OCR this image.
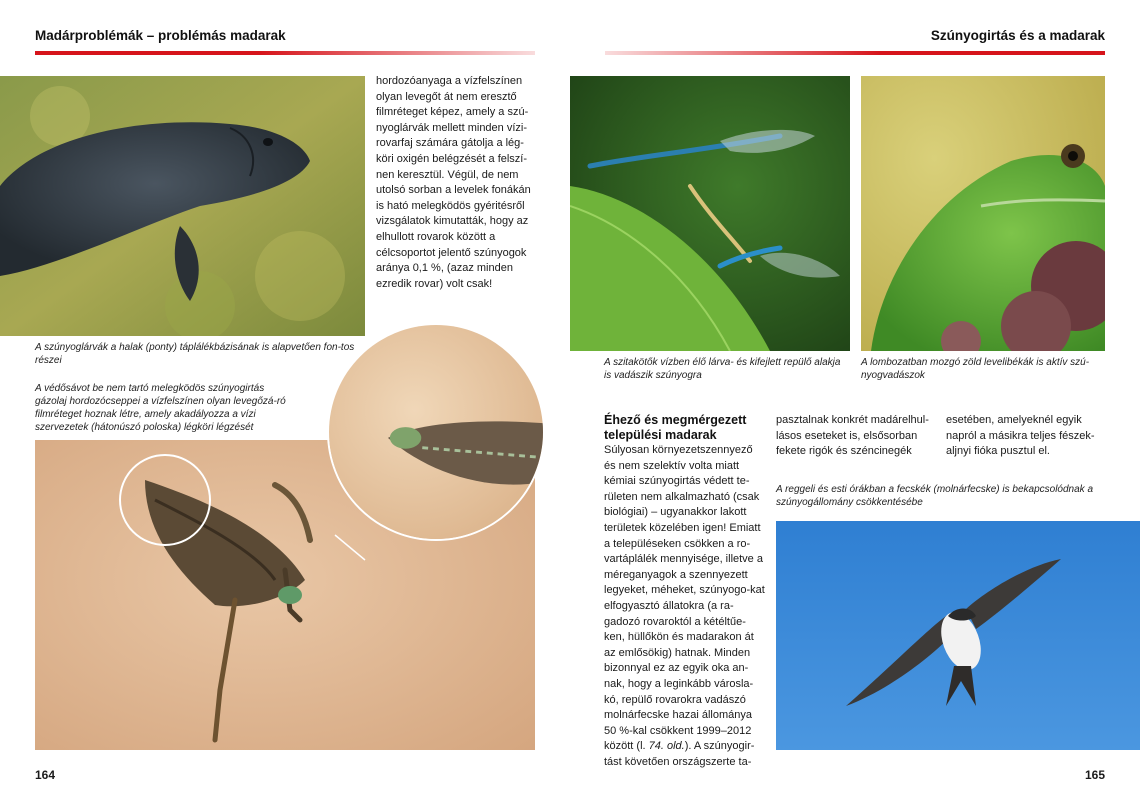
Madárproblémák – problémás madarak	Szúnyogirtás és a madarak
A szúnyoglárvák a halak (ponty) táplálékbázisának is alapvetően fon-tos részei
A védősávot be nem tartó melegködös szúnyogirtás gázolaj hordozócseppei a vízfelszínen olyan levegőzá-ró filmréteget hoznak létre, amely akadályozza a vízi szervezetek (hátonúszó poloska) légköri légzését
hordozóanyaga a vízfelszínen olyan levegőt át nem eresztő filmréteget képez, amely a szú-nyoglárvák mellett minden vízi-rovarfaj számára gátolja a lég-köri oxigén belégzését a felszí-nen keresztül. Végül, de nem utolsó sorban a levelek fonákán is ható melegködös gyéritésről vizsgálatok kimutatták, hogy az elhullott rovarok között a célcsoportot jelentő szúnyogok aránya 0,1 %, (azaz minden ezredik rovar) volt csak!
164
A szitakötők vízben élő lárva- és kifejlett repülő alakja is vadászik szúnyogra
A lombozatban mozgó zöld levelibékák is aktív szú-nyogvadászok
Éhező és megmérgezett települési madarak
Súlyosan környezetszennyező és nem szelektív volta miatt kémiai szúnyogirtás védett te-rületen nem alkalmazható (csak biológiai) – ugyanakkor lakott területek közelében igen! Emiatt a településeken csökken a ro-vartáplálék mennyisége, illetve a méreganyagok a szennyezett legyeket, méheket, szúnyogo-kat elfogyasztó állatokra (a ra-gadozó rovaroktól a kétéltűe-ken, hüllőkön és madarakon át az emlősökig) hatnak. Minden bizonnyal ez az egyik oka an-nak, hogy a leginkább városla-kó, repülő rovarokra vadászó molnárfecske hazai állománya 50 %-kal csökkent 1999–2012 között (l. 74. old.). A szúnyogir-tást követően országszerte ta-
pasztalnak konkrét madárelhul-lásos eseteket is, elsősorban fekete rigók és széncinegék
esetében, amelyeknél egyik napról a másikra teljes fészek-aljnyi fióka pusztul el.
A reggeli és esti órákban a fecskék (molnárfecske) is bekapcsolódnak a szúnyogállomány csökkentésébe
165
